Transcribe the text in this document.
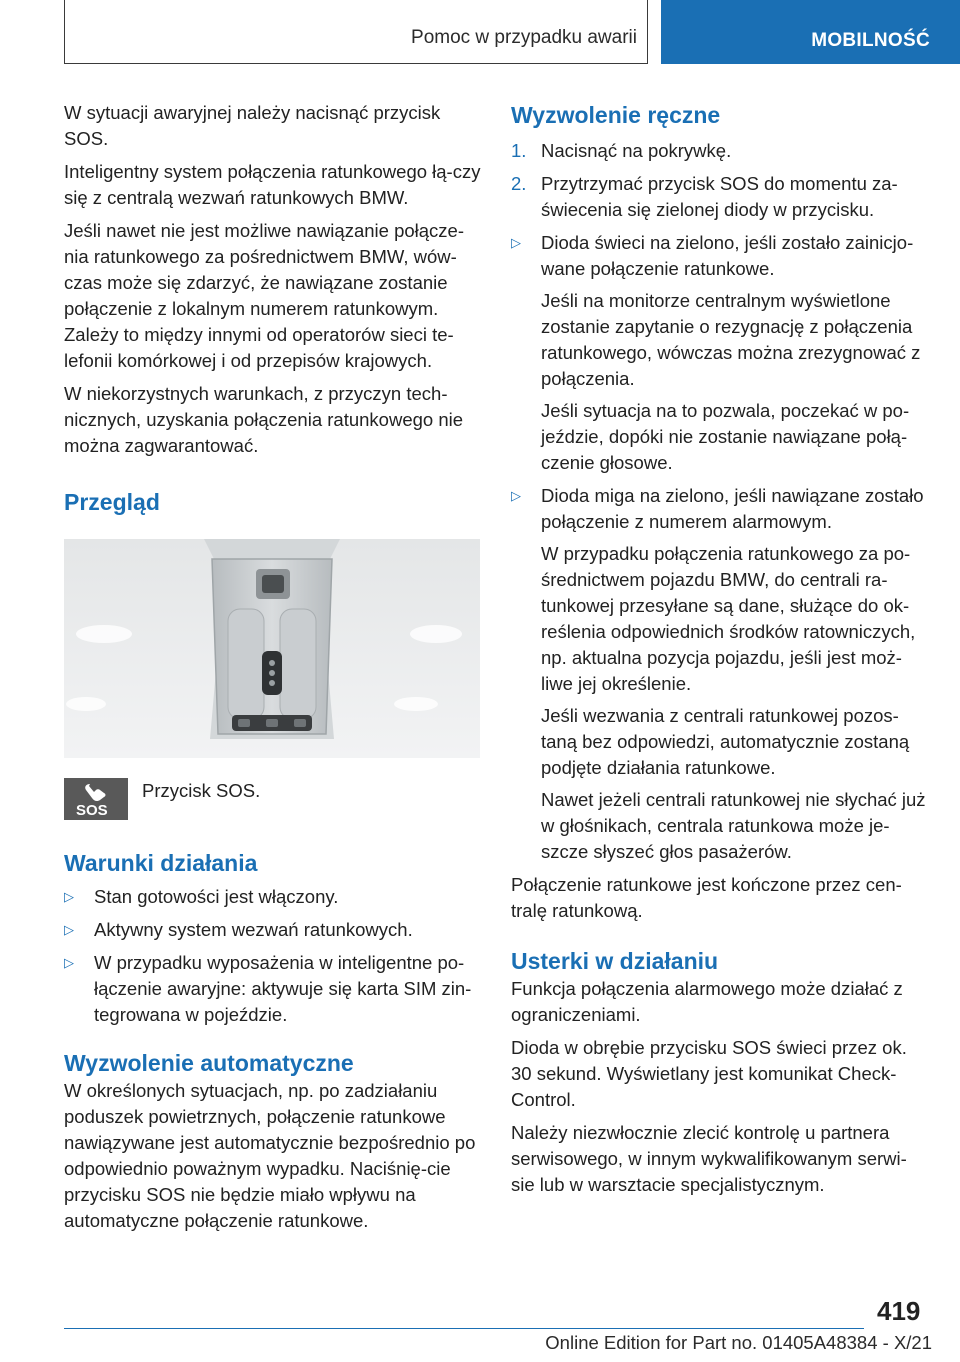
Pomoc w przypadku awarii	MOBILNOŚĆ

W sytuacji awaryjnej należy nacisnąć przycisk SOS.

Inteligentny system połączenia ratunkowego łą‐czy się z centralą wezwań ratunkowych BMW.

Jeśli nawet nie jest możliwe nawiązanie połącze‐nia ratunkowego za pośrednictwem BMW, wów‐czas może się zdarzyć, że nawiązane zostanie połączenie z lokalnym numerem ratunkowym. Zależy to między innymi od operatorów sieci te‐lefonii komórkowej i od przepisów krajowych.

W niekorzystnych warunkach, z przyczyn tech‐nicznych, uzyskania połączenia ratunkowego nie można zagwarantować.

Przegląd
SOS
Przycisk SOS.
Warunki działania
▷	Stan gotowości jest włączony.
▷	Aktywny system wezwań ratunkowych.
▷	W przypadku wyposażenia w inteligentne po‐łączenie awaryjne: aktywuje się karta SIM zin‐tegrowana w pojeździe.
Wyzwolenie automatyczne

W określonych sytuacjach, np. po zadziałaniu poduszek powietrznych, połączenie ratunkowe nawiązywane jest automatycznie bezpośrednio po odpowiednio poważnym wypadku. Naciśnię‐cie przycisku SOS nie będzie miało wpływu na automatyczne połączenie ratunkowe.

Wyzwolenie ręczne
1. Nacisnąć na pokrywkę.
2. Przytrzymać przycisk SOS do momentu za‐świecenia się zielonej diody w przycisku.
▷	Dioda świeci na zielono, jeśli zostało zainicjo‐wane połączenie ratunkowe.

Jeśli na monitorze centralnym wyświetlone zostanie zapytanie o rezygnację z połączenia ratunkowego, wówczas można zrezygnować z połączenia.

Jeśli sytuacja na to pozwala, poczekać w po‐jeździe, dopóki nie zostanie nawiązane połą‐czenie głosowe.

▷	Dioda miga na zielono, jeśli nawiązane zostało połączenie z numerem alarmowym.

W przypadku połączenia ratunkowego za po‐średnictwem pojazdu BMW, do centrali ra‐tunkowej przesyłane są dane, służące do ok‐reślenia odpowiednich środków ratowniczych, np. aktualna pozycja pojazdu, jeśli jest moż‐liwe jej określenie.

Jeśli wezwania z centrali ratunkowej pozos‐taną bez odpowiedzi, automatycznie zostaną podjęte działania ratunkowe.

Nawet jeżeli centrali ratunkowej nie słychać już w głośnikach, centrala ratunkowa może je‐szcze słyszeć głos pasażerów.

Połączenie ratunkowe jest kończone przez cen‐tralę ratunkową.

Usterki w działaniu

Funkcja połączenia alarmowego może działać z ograniczeniami.

Dioda w obrębie przycisku SOS świeci przez ok. 30 sekund. Wyświetlany jest komunikat Check-Control.

Należy niezwłocznie zlecić kontrolę u partnera serwisowego, w innym wykwalifikowanym serwi‐sie lub w warsztacie specjalistycznym.

419
Online Edition for Part no. 01405A48384 - X/21
